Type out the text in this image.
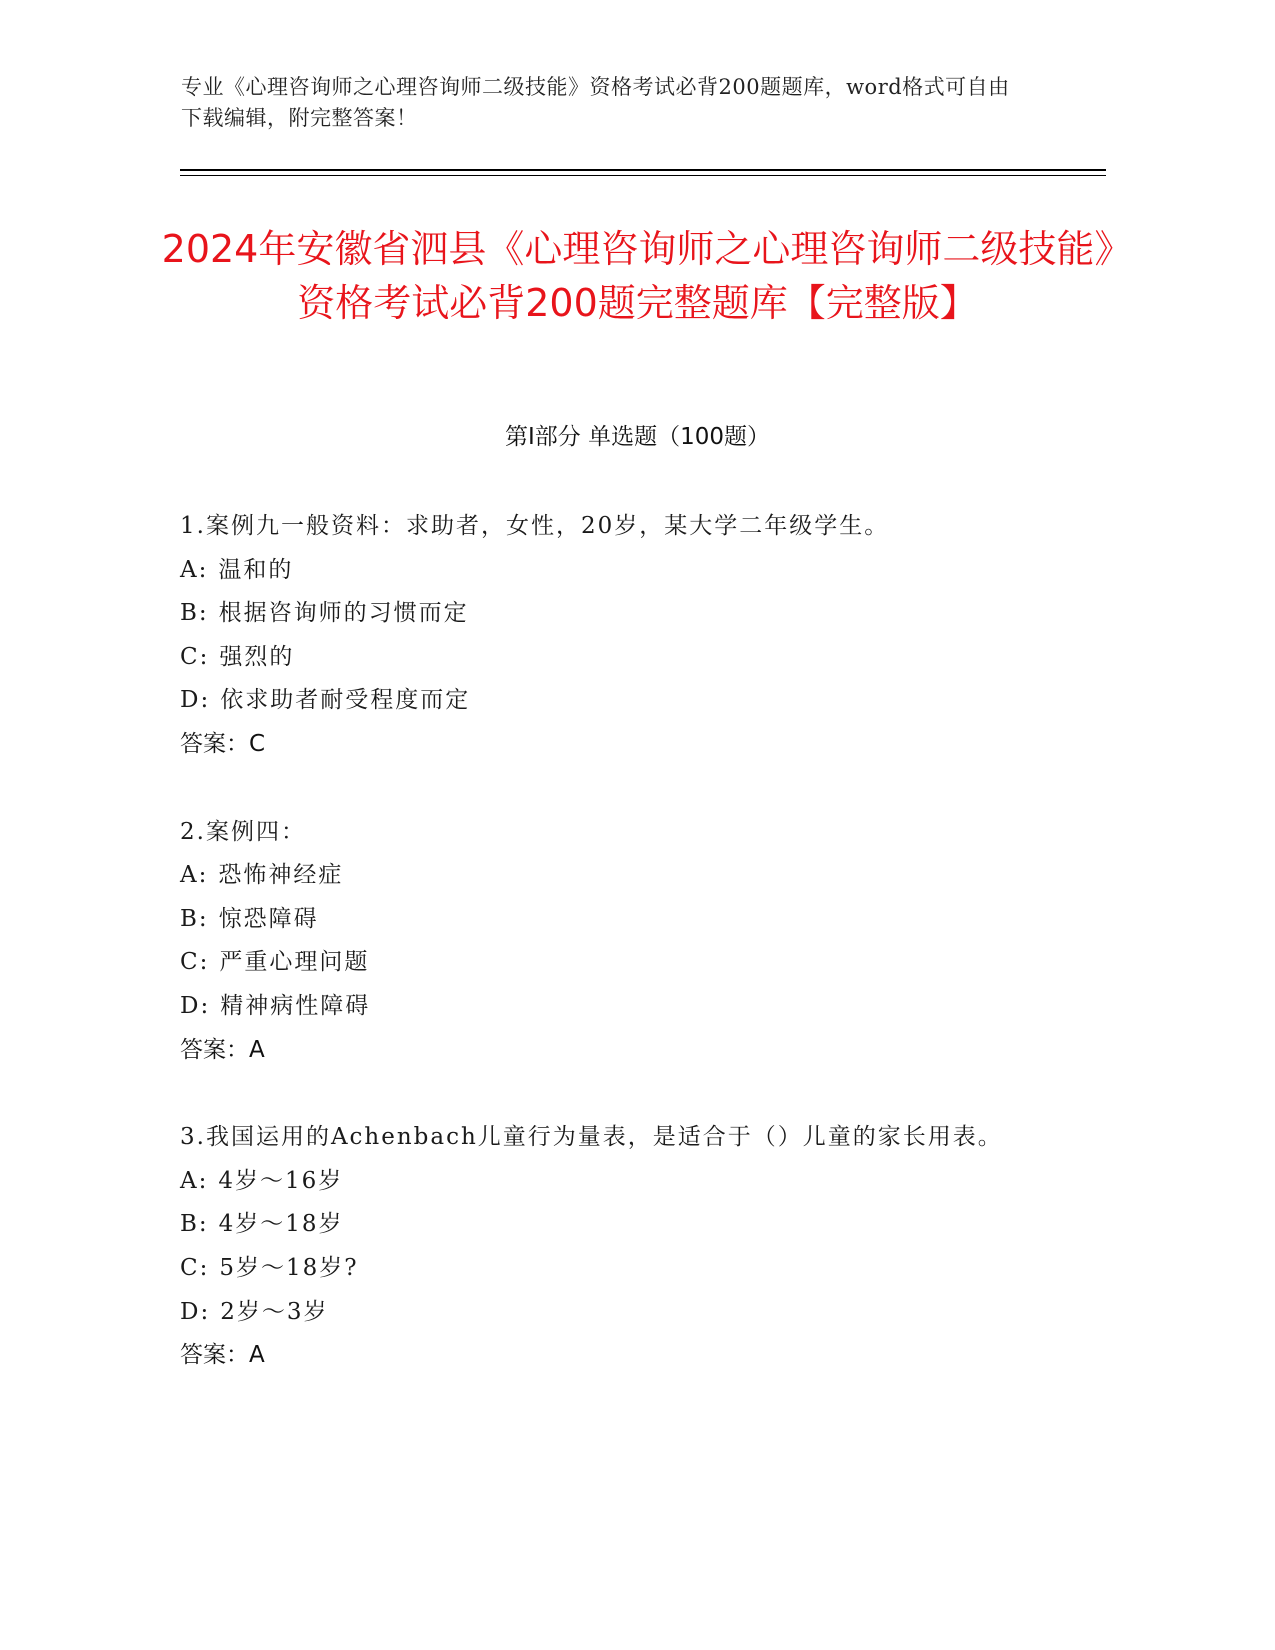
专业《心理咨询师之心理咨询师二级技能》资格考试必背200题题库，word格式可自由下载编辑，附完整答案！
2024年安徽省泗县《心理咨询师之心理咨询师二级技能》资格考试必背200题完整题库【完整版】
第Ⅰ部分 单选题（100题）
1.案例九一般资料：求助者，女性，20岁，某大学二年级学生。
A: 温和的
B: 根据咨询师的习惯而定
C: 强烈的
D: 依求助者耐受程度而定
答案：C
2.案例四：
A: 恐怖神经症
B: 惊恐障碍
C: 严重心理问题
D: 精神病性障碍
答案：A
3.我国运用的Achenbach儿童行为量表，是适合于（）儿童的家长用表。
A: 4岁～16岁
B: 4岁～18岁
C: 5岁～18岁?
D: 2岁～3岁
答案：A
